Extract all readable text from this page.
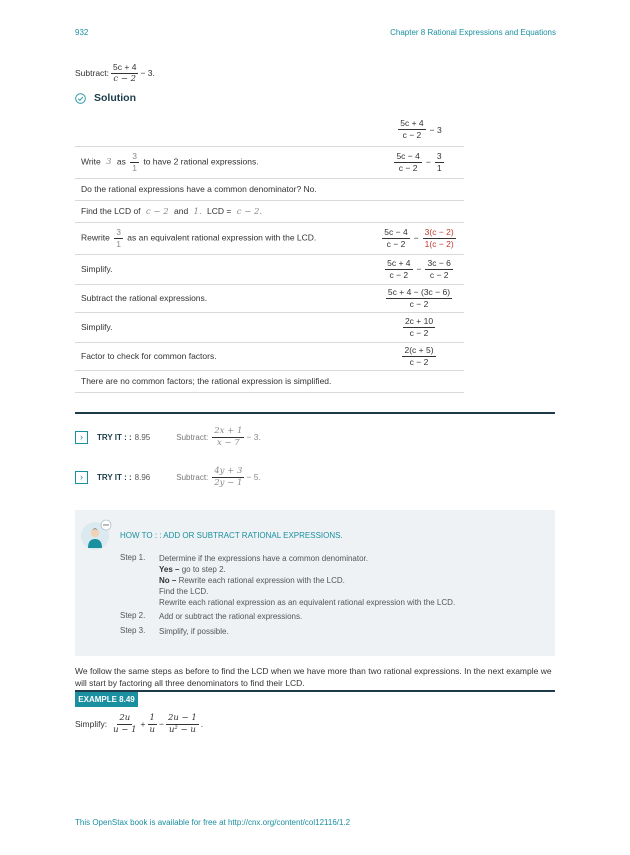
932	Chapter 8 Rational Expressions and Equations
Subtract: $\frac{5c + 4}{c - 2} - 3$.
Solution

	$\frac{5c + 4}{c - 2} - 3$

Write 3 as $\frac{3}{1}$ to have 2 rational expressions.	$\frac{5c - 4}{c - 2} - \frac{3}{1}$

Do the rational expressions have a common denominator? No.	
Find the LCD of c − 2 and 1. LCD = c − 2.	
Rewrite $\frac{3}{1}$ as an equivalent rational expression with the LCD.	$\frac{5c - 4}{c - 2} - \frac{3(c - 2)}{1(c - 2)}$

Simplify.	$\frac{5c + 4}{c - 2} - \frac{3c - 6}{c - 2}$

Subtract the rational expressions.	$\frac{5c + 4 - (3c - 6)}{c - 2}$

Simplify.	$\frac{2c + 10}{c - 2}$

Factor to check for common factors.	$\frac{2(c + 5)}{c - 2}$

There are no common factors; the rational expression is simplified.	
›	TRY IT : : 8.95	Subtract: $\frac{2x + 1}{x - 7} - 3$.
›	TRY IT : : 8.96	Subtract: $\frac{4y + 3}{2y - 1} - 5$.
HOW TO : : ADD OR SUBTRACT RATIONAL EXPRESSIONS.
Step 1. Determine if the expressions have a common denominator.
Yes – go to step 2.
No – Rewrite each rational expression with the LCD.
Find the LCD.
Rewrite each rational expression as an equivalent rational expression with the LCD.
Step 2. Add or subtract the rational expressions.
Step 3. Simplify, if possible.
We follow the same steps as before to find the LCD when we have more than two rational expressions. In the next example we will start by factoring all three denominators to find their LCD.
EXAMPLE 8.49
Simplify: $\frac{2u}{u - 1} + \frac{1}{u} - \frac{2u - 1}{\text{u² − u}}$ .
This OpenStax book is available for free at http://cnx.org/content/col12116/1.2
